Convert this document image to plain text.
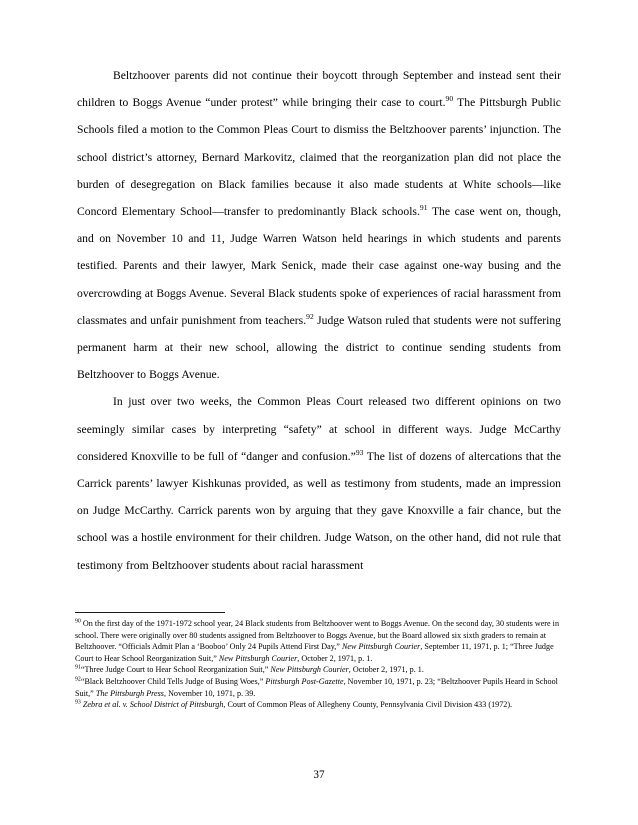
Beltzhoover parents did not continue their boycott through September and instead sent their children to Boggs Avenue “under protest” while bringing their case to court.$^{90}$ The Pittsburgh Public Schools filed a motion to the Common Pleas Court to dismiss the Beltzhoover parents’ injunction. The school district’s attorney, Bernard Markovitz, claimed that the reorganization plan did not place the burden of desegregation on Black families because it also made students at White schools—like Concord Elementary School—transfer to predominantly Black schools.$^{91}$ The case went on, though, and on November 10 and 11, Judge Warren Watson held hearings in which students and parents testified. Parents and their lawyer, Mark Senick, made their case against one-way busing and the overcrowding at Boggs Avenue. Several Black students spoke of experiences of racial harassment from classmates and unfair punishment from teachers.$^{92}$ Judge Watson ruled that students were not suffering permanent harm at their new school, allowing the district to continue sending students from Beltzhoover to Boggs Avenue.

In just over two weeks, the Common Pleas Court released two different opinions on two seemingly similar cases by interpreting “safety” at school in different ways. Judge McCarthy considered Knoxville to be full of “danger and confusion.”$^{93}$ The list of dozens of altercations that the Carrick parents’ lawyer Kishkunas provided, as well as testimony from students, made an impression on Judge McCarthy. Carrick parents won by arguing that they gave Knoxville a fair chance, but the school was a hostile environment for their children. Judge Watson, on the other hand, did not rule that testimony from Beltzhoover students about racial harassment

$^{90}$ On the first day of the 1971-1972 school year, 24 Black students from Beltzhoover went to Boggs Avenue. On the second day, 30 students were in school. There were originally over 80 students assigned from Beltzhoover to Boggs Avenue, but the Board allowed six sixth graders to remain at Beltzhoover. “Officials Admit Plan a ‘Booboo’ Only 24 Pupils Attend First Day,” New Pittsburgh Courier, September 11, 1971, p. 1; “Three Judge Court to Hear School Reorganization Suit,” New Pittsburgh Courier, October 2, 1971, p. 1.

$^{91}$“Three Judge Court to Hear School Reorganization Suit,” New Pittsburgh Courier, October 2, 1971, p. 1.

$^{92}$“Black Beltzhoover Child Tells Judge of Busing Woes,” Pittsburgh Post-Gazette, November 10, 1971, p. 23; “Beltzhoover Pupils Heard in School Suit,” The Pittsburgh Press, November 10, 1971, p. 39.

$^{93}$ Zebra et al. v. School District of Pittsburgh, Court of Common Pleas of Allegheny County, Pennsylvania Civil Division 433 (1972).

37
